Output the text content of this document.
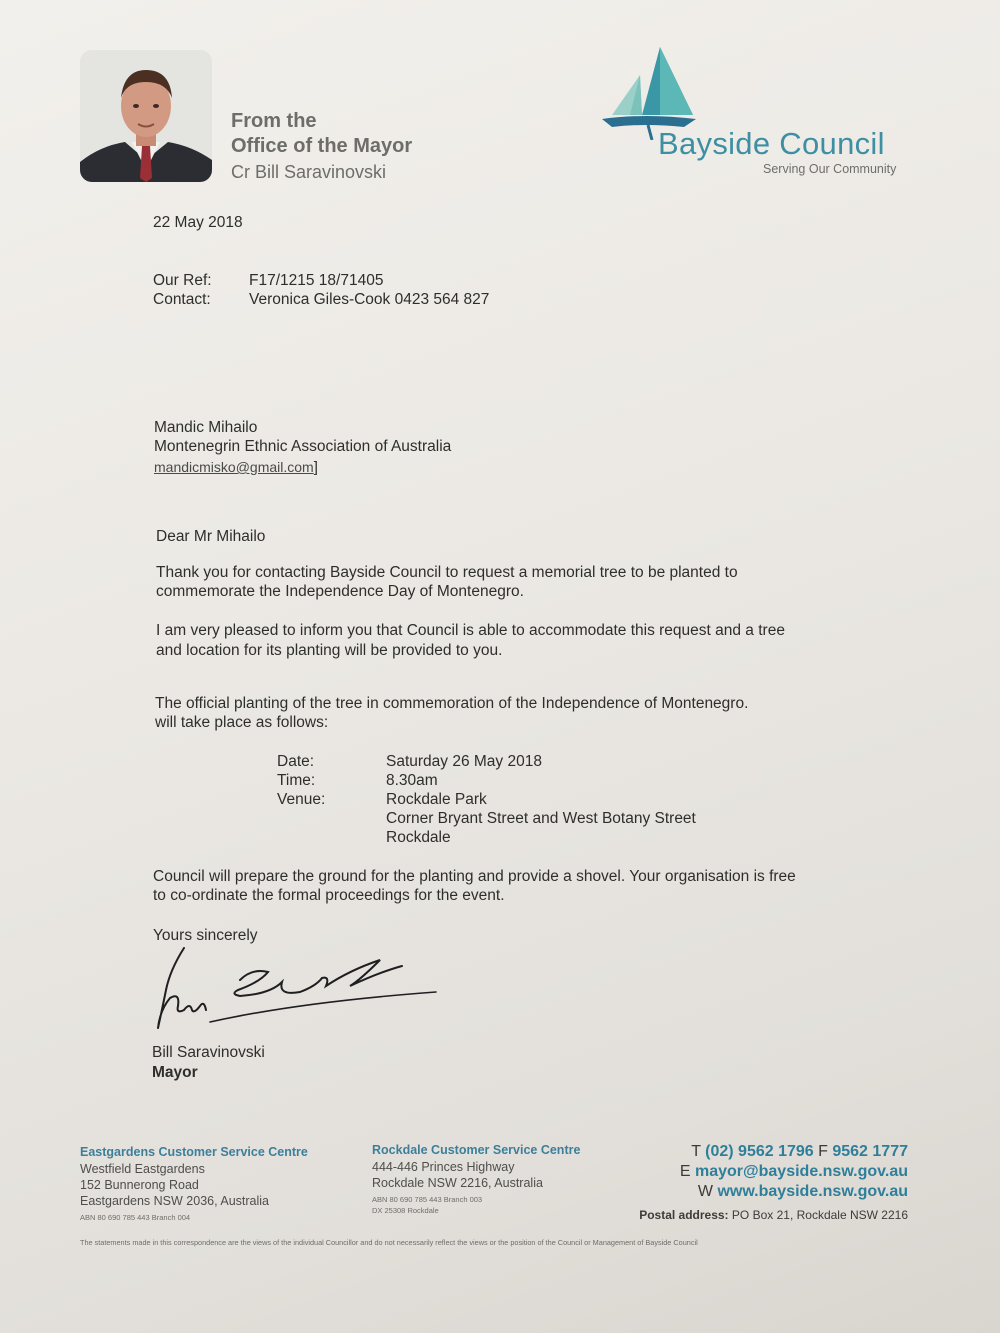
From the
Office of the Mayor
Cr Bill Saravinovski
Bayside Council
Serving Our Community
22 May 2018
Our Ref: F17/1215 18/71405
Contact: Veronica Giles-Cook 0423 564 827
Mandic Mihailo
Montenegrin Ethnic Association of Australia
mandicmisko@gmail.com]
Dear Mr Mihailo
Thank you for contacting Bayside Council to request a memorial tree to be planted to
commemorate the Independence Day of Montenegro.
I am very pleased to inform you that Council is able to accommodate this request and a tree
and location for its planting will be provided to you.
The official planting of the tree in commemoration of the Independence of Montenegro.
will take place as follows:
Date:	Saturday 26 May 2018
Time:	8.30am
Venue:	Rockdale Park
Corner Bryant Street and West Botany Street
Rockdale
Council will prepare the ground for the planting and provide a shovel. Your organisation is free
to co-ordinate the formal proceedings for the event.
Yours sincerely
Bill Saravinovski
Mayor
Eastgardens Customer Service Centre
Westfield Eastgardens
152 Bunnerong Road
Eastgardens NSW 2036, Australia
ABN 80 690 785 443 Branch 004
Rockdale Customer Service Centre
444-446 Princes Highway
Rockdale NSW 2216, Australia
ABN 80 690 785 443 Branch 003
DX 25308 Rockdale
T (02) 9562 1796 F 9562 1777
E mayor@bayside.nsw.gov.au
W www.bayside.nsw.gov.au
Postal address: PO Box 21, Rockdale NSW 2216
The statements made in this correspondence are the views of the individual Councillor and do not necessarily reflect the views or the position of the Council or Management of Bayside Council
